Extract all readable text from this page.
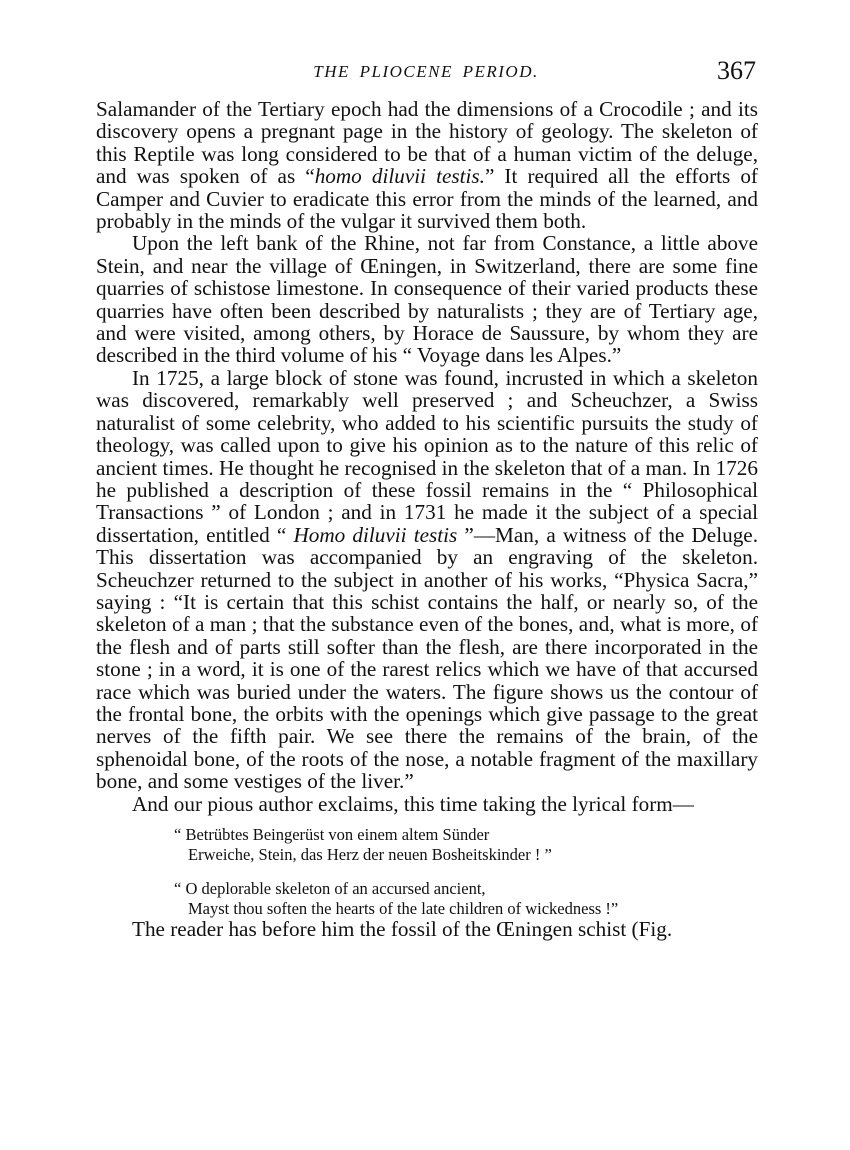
THE PLIOCENE PERIOD.	367

Salamander of the Tertiary epoch had the dimensions of a Crocodile ; and its discovery opens a pregnant page in the history of geology. The skeleton of this Reptile was long considered to be that of a human victim of the deluge, and was spoken of as “homo diluvii testis.” It required all the efforts of Camper and Cuvier to eradicate this error from the minds of the learned, and probably in the minds of the vulgar it survived them both.

Upon the left bank of the Rhine, not far from Constance, a little above Stein, and near the village of Œningen, in Switzerland, there are some fine quarries of schistose limestone. In consequence of their varied products these quarries have often been described by naturalists ; they are of Tertiary age, and were visited, among others, by Horace de Saussure, by whom they are described in the third volume of his “ Voyage dans les Alpes.”

In 1725, a large block of stone was found, incrusted in which a skeleton was discovered, remarkably well preserved ; and Scheuchzer, a Swiss naturalist of some celebrity, who added to his scientific pursuits the study of theology, was called upon to give his opinion as to the nature of this relic of ancient times. He thought he recognised in the skeleton that of a man. In 1726 he published a description of these fossil remains in the “ Philosophical Transactions ” of London ; and in 1731 he made it the subject of a special dissertation, entitled “ Homo diluvii testis ”—Man, a witness of the Deluge. This dissertation was accompanied by an engraving of the skeleton. Scheuchzer returned to the subject in another of his works, “Physica Sacra,” saying : “It is certain that this schist contains the half, or nearly so, of the skeleton of a man ; that the substance even of the bones, and, what is more, of the flesh and of parts still softer than the flesh, are there incorporated in the stone ; in a word, it is one of the rarest relics which we have of that accursed race which was buried under the waters. The figure shows us the contour of the frontal bone, the orbits with the openings which give passage to the great nerves of the fifth pair. We see there the remains of the brain, of the sphenoidal bone, of the roots of the nose, a notable fragment of the maxillary bone, and some vestiges of the liver.”

And our pious author exclaims, this time taking the lyrical form—

“ Betrübtes Beingerüst von einem altem Sünder
Erweiche, Stein, das Herz der neuen Bosheitskinder ! ”
“ O deplorable skeleton of an accursed ancient,
Mayst thou soften the hearts of the late children of wickedness !”

The reader has before him the fossil of the Œningen schist (Fig.
